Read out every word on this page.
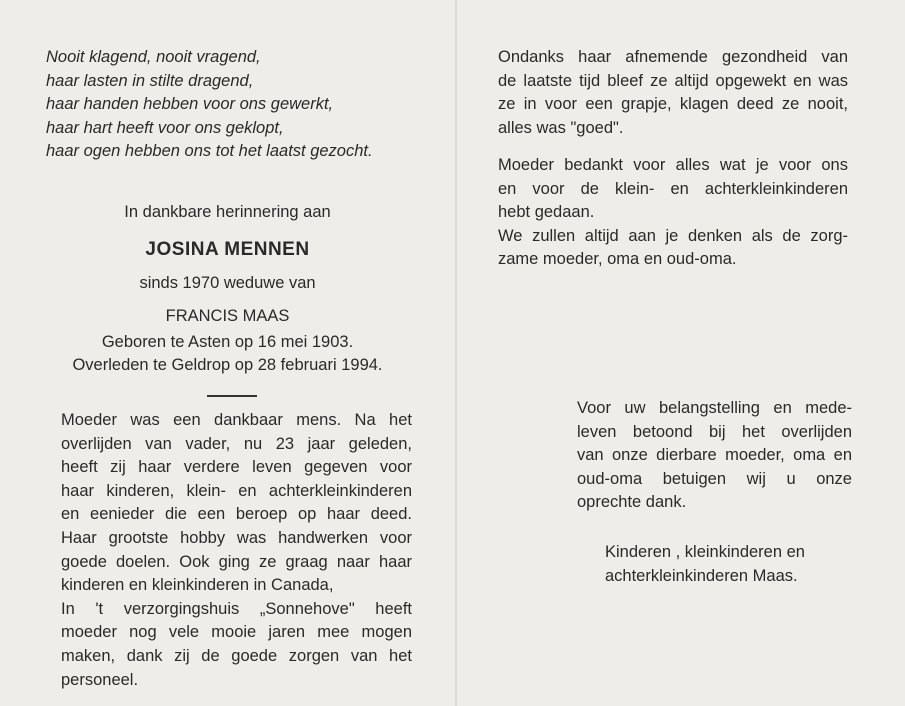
Nooit klagend, nooit vragend,
haar lasten in stilte dragend,
haar handen hebben voor ons gewerkt,
haar hart heeft voor ons geklopt,
haar ogen hebben ons tot het laatst gezocht.
In dankbare herinnering aan
JOSINA MENNEN
sinds 1970 weduwe van
FRANCIS MAAS
Geboren te Asten op 16 mei 1903.
Overleden te Geldrop op 28 februari 1994.
Moeder was een dankbaar mens. Na het
overlijden van vader, nu 23 jaar geleden,
heeft zij haar verdere leven gegeven voor
haar kinderen, klein- en achterkleinkinderen
en eenieder die een beroep op haar deed.
Haar grootste hobby was handwerken voor
goede doelen. Ook ging ze graag naar haar
kinderen en kleinkinderen in Canada,
In 't verzorgingshuis „Sonnehove" heeft
moeder nog vele mooie jaren mee mogen
maken, dank zij de goede zorgen van het
personeel.
Ondanks haar afnemende gezondheid van
de laatste tijd bleef ze altijd opgewekt en was
ze in voor een grapje, klagen deed ze nooit,
alles was "goed".
Moeder bedankt voor alles wat je voor ons
en voor de klein- en achterkleinkinderen
hebt gedaan.
We zullen altijd aan je denken als de zorg-
zame moeder, oma en oud-oma.
Voor uw belangstelling en mede-
leven betoond bij het overlijden
van onze dierbare moeder, oma en
oud-oma betuigen wij u onze
oprechte dank.
Kinderen , kleinkinderen en
achterkleinkinderen Maas.
